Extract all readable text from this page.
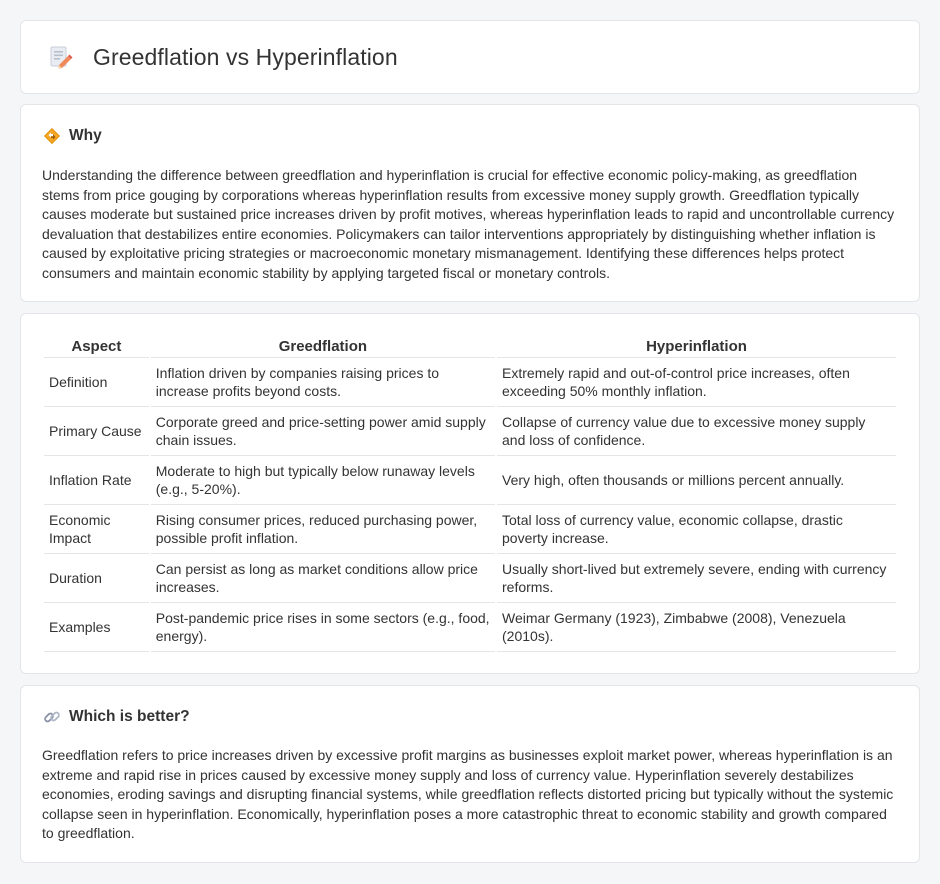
Greedflation vs Hyperinflation
Why

Understanding the difference between greedflation and hyperinflation is crucial for effective economic policy-making, as greedflation stems from price gouging by corporations whereas hyperinflation results from excessive money supply growth. Greedflation typically causes moderate but sustained price increases driven by profit motives, whereas hyperinflation leads to rapid and uncontrollable currency devaluation that destabilizes entire economies. Policymakers can tailor interventions appropriately by distinguishing whether inflation is caused by exploitative pricing strategies or macroeconomic monetary mismanagement. Identifying these differences helps protect consumers and maintain economic stability by applying targeted fiscal or monetary controls.

Aspect	Greedflation	Hyperinflation
Definition	Inflation driven by companies raising prices to increase profits beyond costs.	Extremely rapid and out-of-control price increases, often exceeding 50% monthly inflation.
Primary Cause	Corporate greed and price-setting power amid supply chain issues.	Collapse of currency value due to excessive money supply and loss of confidence.
Inflation Rate	Moderate to high but typically below runaway levels (e.g., 5-20%).	Very high, often thousands or millions percent annually.
Economic Impact	Rising consumer prices, reduced purchasing power, possible profit inflation.	Total loss of currency value, economic collapse, drastic poverty increase.
Duration	Can persist as long as market conditions allow price increases.	Usually short-lived but extremely severe, ending with currency reforms.
Examples	Post-pandemic price rises in some sectors (e.g., food, energy).	Weimar Germany (1923), Zimbabwe (2008), Venezuela (2010s).
Which is better?

Greedflation refers to price increases driven by excessive profit margins as businesses exploit market power, whereas hyperinflation is an extreme and rapid rise in prices caused by excessive money supply and loss of currency value. Hyperinflation severely destabilizes economies, eroding savings and disrupting financial systems, while greedflation reflects distorted pricing but typically without the systemic collapse seen in hyperinflation. Economically, hyperinflation poses a more catastrophic threat to economic stability and growth compared to greedflation.
